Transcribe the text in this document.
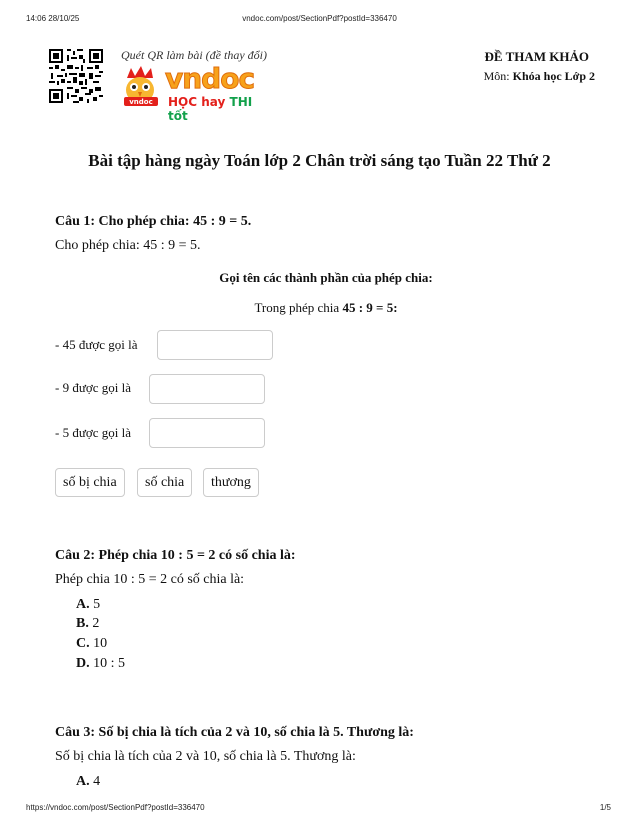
14:06 28/10/25	vndoc.com/post/SectionPdf?postId=336470
Quét QR làm bài (đề thay đổi)
vndoc
vndoc
HỌC hay THI tốt
ĐỀ THAM KHẢO
Môn: Khóa học Lớp 2
Bài tập hàng ngày Toán lớp 2 Chân trời sáng tạo Tuần 22 Thứ 2
Câu 1: Cho phép chia: 45 : 9 = 5.
Cho phép chia: 45 : 9 = 5.
Gọi tên các thành phần của phép chia:
Trong phép chia 45 : 9 = 5:
- 45 được gọi là
- 9 được gọi là
- 5 được gọi là
số bị chia	số chia	thương
Câu 2: Phép chia 10 : 5 = 2 có số chia là:
Phép chia 10 : 5 = 2 có số chia là:
A. 5
B. 2
C. 10
D. 10 : 5
Câu 3: Số bị chia là tích của 2 và 10, số chia là 5. Thương là:
Số bị chia là tích của 2 và 10, số chia là 5. Thương là:
A. 4
https://vndoc.com/post/SectionPdf?postId=336470	1/5
